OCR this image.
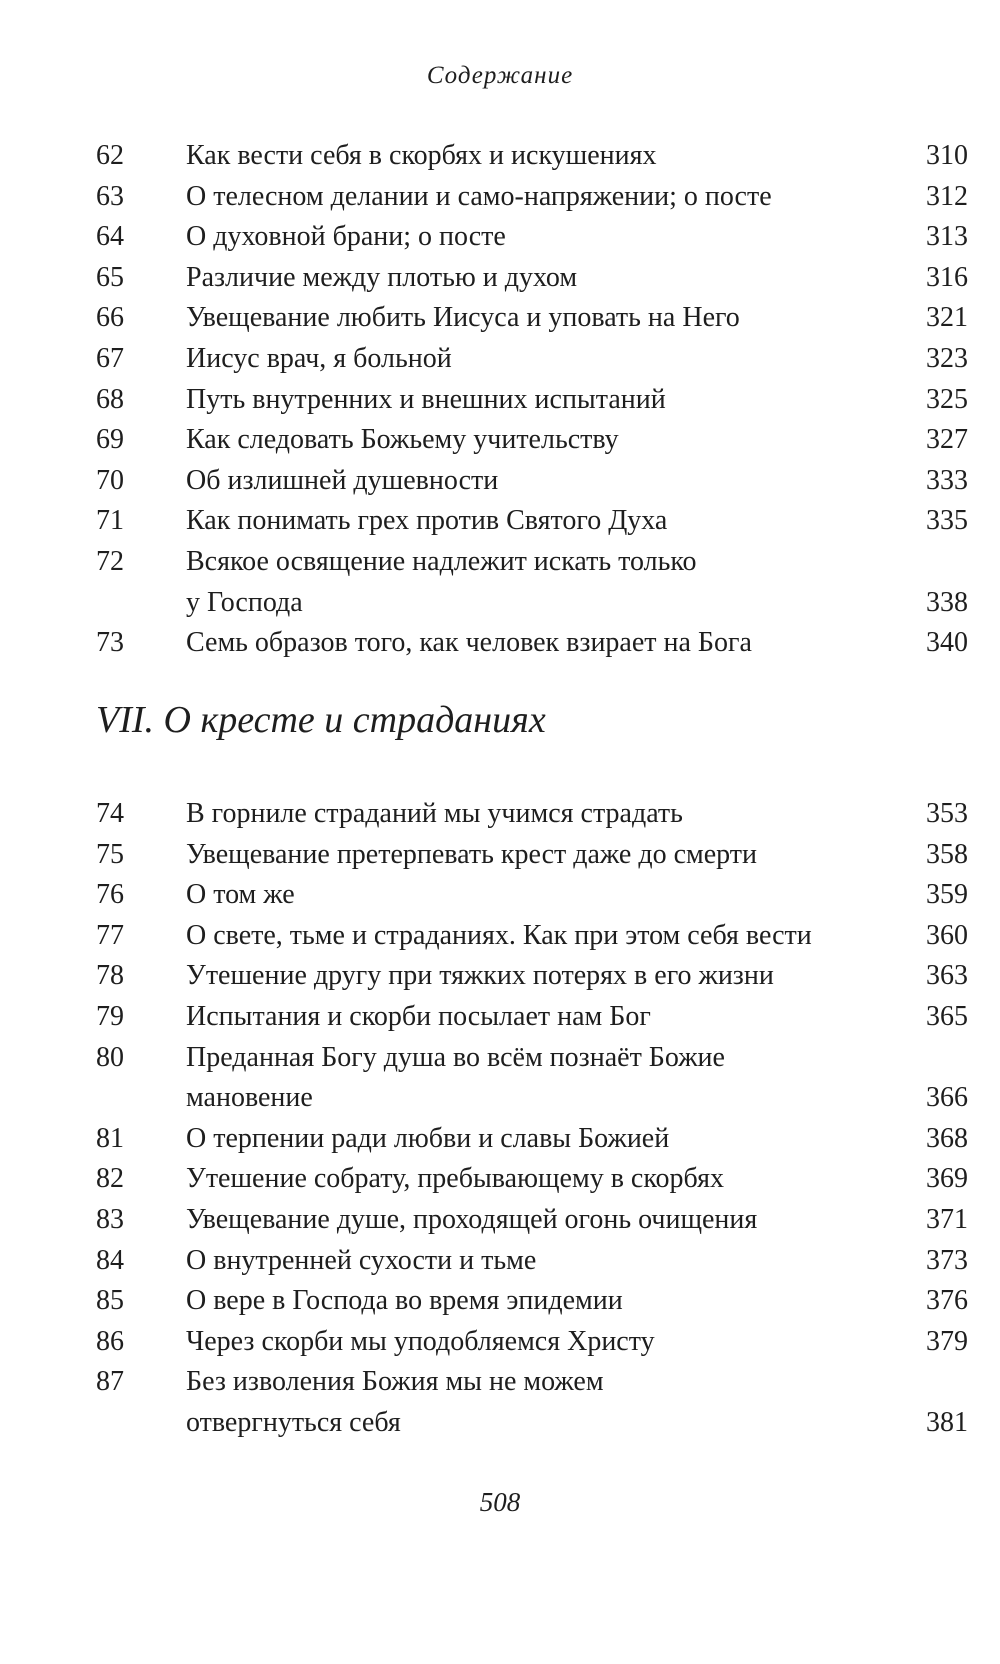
Содержание
62	Как вести себя в скорбях и искушениях	310
63	О телесном делании и само-напряжении; о посте	312
64	О духовной брани; о посте	313
65	Различие между плотью и духом	316
66	Увещевание любить Иисуса и уповать на Него	321
67	Иисус врач, я больной	323
68	Путь внутренних и внешних испытаний	325
69	Как следовать Божьему учительству	327
70	Об излишней душевности	333
71	Как понимать грех против Святого Духа	335
72	Всякое освящение надлежит искать только
у Господа	338
73	Семь образов того, как человек взирает на Бога	340
VII. О кресте и страданиях
74	В горниле страданий мы учимся страдать	353
75	Увещевание претерпевать крест даже до смерти	358
76	О том же	359
77	О свете, тьме и страданиях. Как при этом себя вести	360
78	Утешение другу при тяжких потерях в его жизни	363
79	Испытания и скорби посылает нам Бог	365
80	Преданная Богу душа во всём познаёт Божие
мановение	366
81	О терпении ради любви и славы Божией	368
82	Утешение собрату, пребывающему в скорбях	369
83	Увещевание душе, проходящей огонь очищения	371
84	О внутренней сухости и тьме	373
85	О вере в Господа во время эпидемии	376
86	Через скорби мы уподобляемся Христу	379
87	Без изволения Божия мы не можем
отвергнуться себя	381
508
